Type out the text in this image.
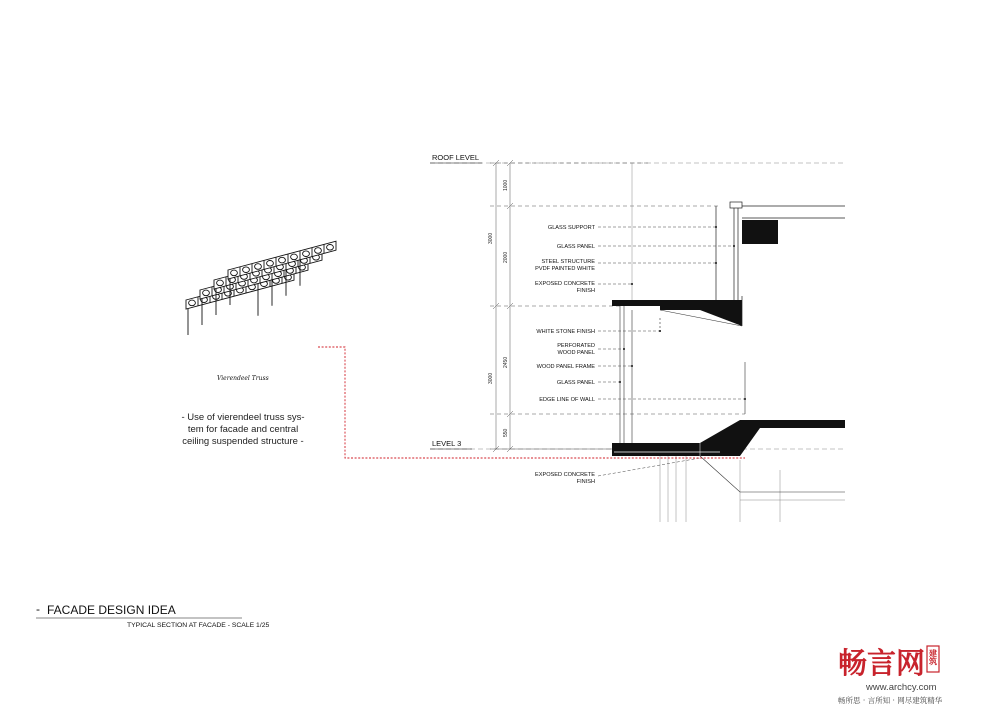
ROOF LEVEL
LEVEL 3
3000
1000
2000
3000
2450
550
GLASS SUPPORT
GLASS PANEL
STEEL STRUCTURE
PVDF PAINTED WHITE
EXPOSED CONCRETE
FINISH
WHITE STONE FINISH
PERFORATED
WOOD PANEL
WOOD PANEL FRAME
GLASS PANEL
EDGE LINE OF WALL
EXPOSED CONCRETE
FINISH
Vierendeel Truss
- Use of vierendeel truss sys-
tem for facade and central
ceiling suspended structure -
- FACADE DESIGN IDEA
TYPICAL SECTION AT FACADE - SCALE 1/25
畅言网 建筑
www.archcy.com
畅所思 · 言所知 · 网尽建筑精华
